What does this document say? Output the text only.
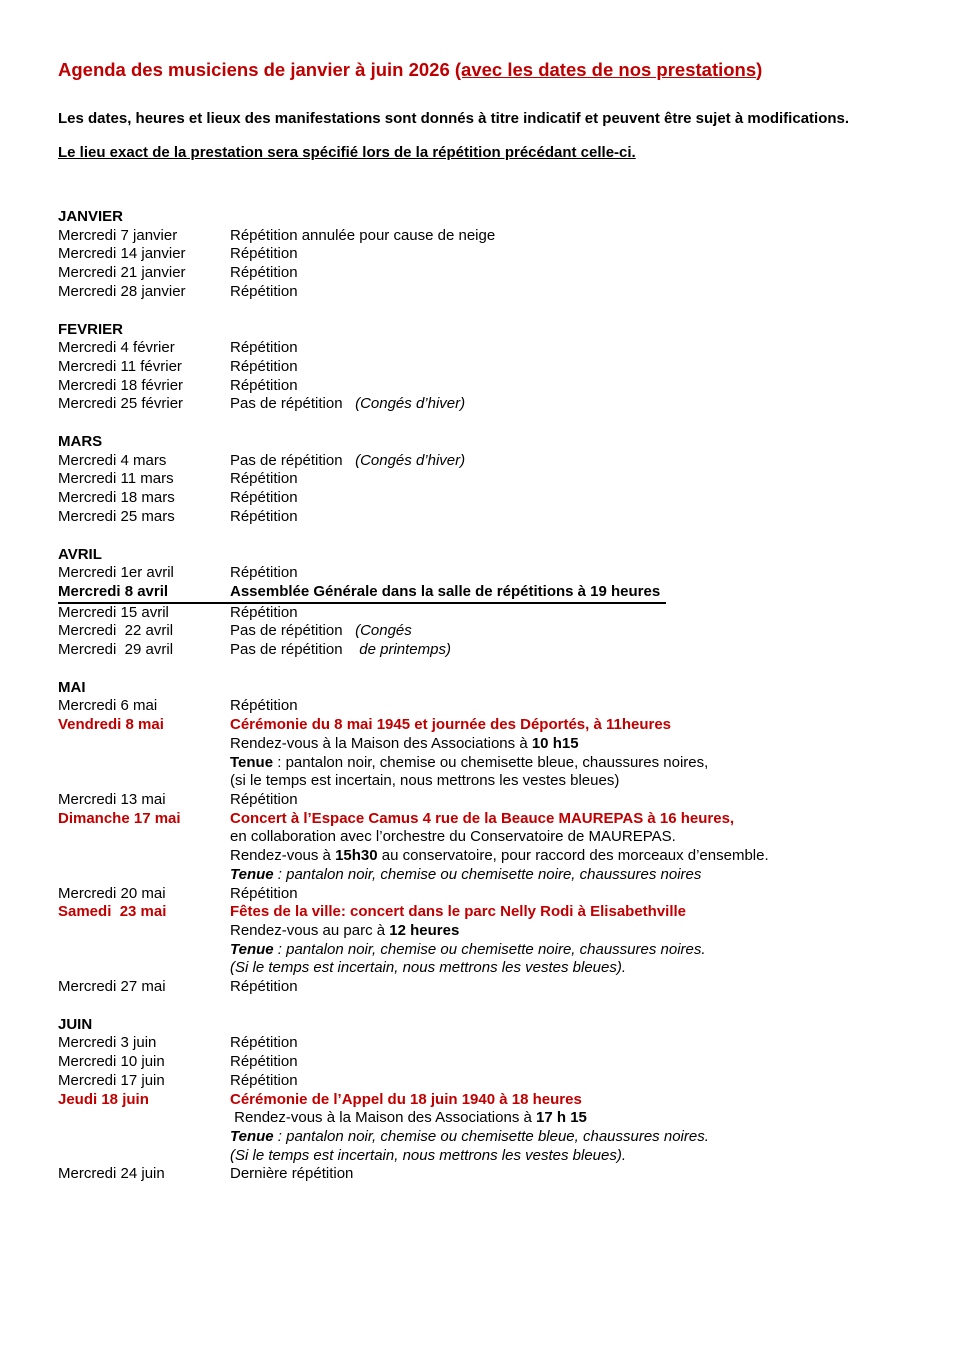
Agenda des musiciens de janvier à juin 2026 (avec les dates de nos prestations)

Les dates, heures et lieux des manifestations sont donnés à titre indicatif et peuvent être sujet à modifications.

Le lieu exact de la prestation sera spécifié lors de la répétition précédant celle-ci.

JANVIER
Mercredi 7 janvier	Répétition annulée pour cause de neige
Mercredi 14 janvier	Répétition
Mercredi 21 janvier	Répétition
Mercredi 28 janvier	Répétition
FEVRIER
Mercredi 4 février	Répétition
Mercredi 11 février	Répétition
Mercredi 18 février	Répétition
Mercredi 25 février	Pas de répétition   (Congés d’hiver)
MARS
Mercredi 4 mars	Pas de répétition   (Congés d’hiver)
Mercredi 11 mars	Répétition
Mercredi 18 mars	Répétition
Mercredi 25 mars	Répétition
AVRIL
Mercredi 1er avril	Répétition
Mercredi 8 avril	Assemblée Générale dans la salle de répétitions à 19 heures
Mercredi 15 avril	Répétition
Mercredi  22 avril	Pas de répétition   (Congés
Mercredi  29 avril	Pas de répétition    de printemps)
MAI
Mercredi 6 mai	Répétition
Vendredi 8 mai	Cérémonie du 8 mai 1945 et journée des Déportés, à 11heures
Rendez-vous à la Maison des Associations à 10 h15
Tenue : pantalon noir, chemise ou chemisette bleue, chaussures noires,
(si le temps est incertain, nous mettrons les vestes bleues)
Mercredi 13 mai	Répétition
Dimanche 17 mai	Concert à l’Espace Camus 4 rue de la Beauce MAUREPAS à 16 heures,
en collaboration avec l’orchestre du Conservatoire de MAUREPAS.
Rendez-vous à 15h30 au conservatoire, pour raccord des morceaux d’ensemble.
Tenue : pantalon noir, chemise ou chemisette noire, chaussures noires
Mercredi 20 mai	Répétition
Samedi  23 mai	Fêtes de la ville: concert dans le parc Nelly Rodi à Elisabethville
Rendez-vous au parc à 12 heures
Tenue : pantalon noir, chemise ou chemisette noire, chaussures noires.
(Si le temps est incertain, nous mettrons les vestes bleues).
Mercredi 27 mai	Répétition
JUIN
Mercredi 3 juin	Répétition
Mercredi 10 juin	Répétition
Mercredi 17 juin	Répétition
Jeudi 18 juin	Cérémonie de l’Appel du 18 juin 1940 à 18 heures
Rendez-vous à la Maison des Associations à 17 h 15
Tenue : pantalon noir, chemise ou chemisette bleue, chaussures noires.
(Si le temps est incertain, nous mettrons les vestes bleues).
Mercredi 24 juin	Dernière répétition
